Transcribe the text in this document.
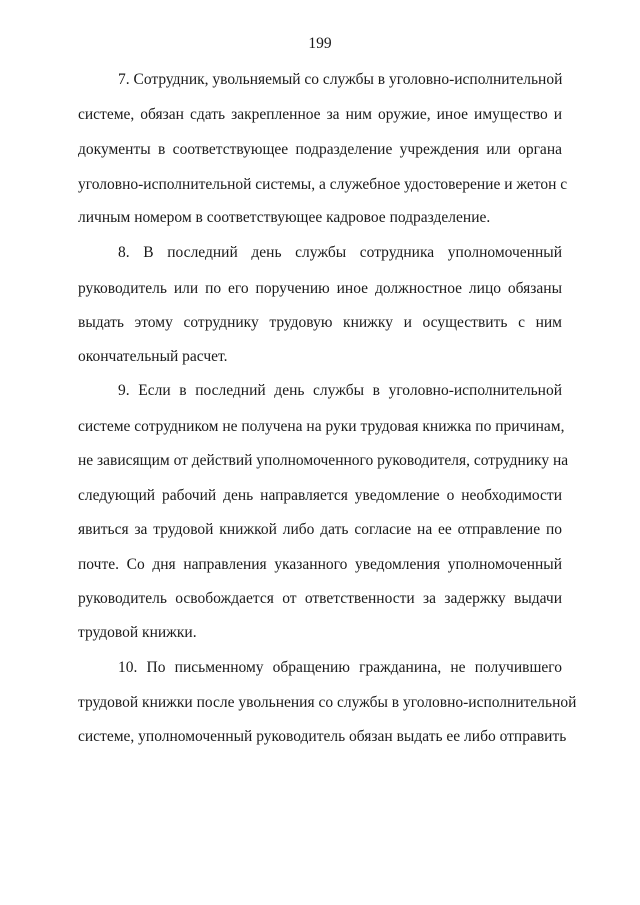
199
7. Сотрудник, увольняемый со службы в уголовно-исполнительной
системе, обязан сдать закрепленное за ним оружие, иное имущество и
документы в соответствующее подразделение учреждения или органа
уголовно-исполнительной системы, а служебное удостоверение и жетон с
личным номером в соответствующее кадровое подразделение.
8. В последний день службы сотрудника уполномоченный
руководитель или по его поручению иное должностное лицо обязаны
выдать этому сотруднику трудовую книжку и осуществить с ним
окончательный расчет.
9. Если в последний день службы в уголовно-исполнительной
системе сотрудником не получена на руки трудовая книжка по причинам,
не зависящим от действий уполномоченного руководителя, сотруднику на
следующий рабочий день направляется уведомление о необходимости
явиться за трудовой книжкой либо дать согласие на ее отправление по
почте. Со дня направления указанного уведомления уполномоченный
руководитель освобождается от ответственности за задержку выдачи
трудовой книжки.
10. По письменному обращению гражданина, не получившего
трудовой книжки после увольнения со службы в уголовно-исполнительной
системе, уполномоченный руководитель обязан выдать ее либо отправить
